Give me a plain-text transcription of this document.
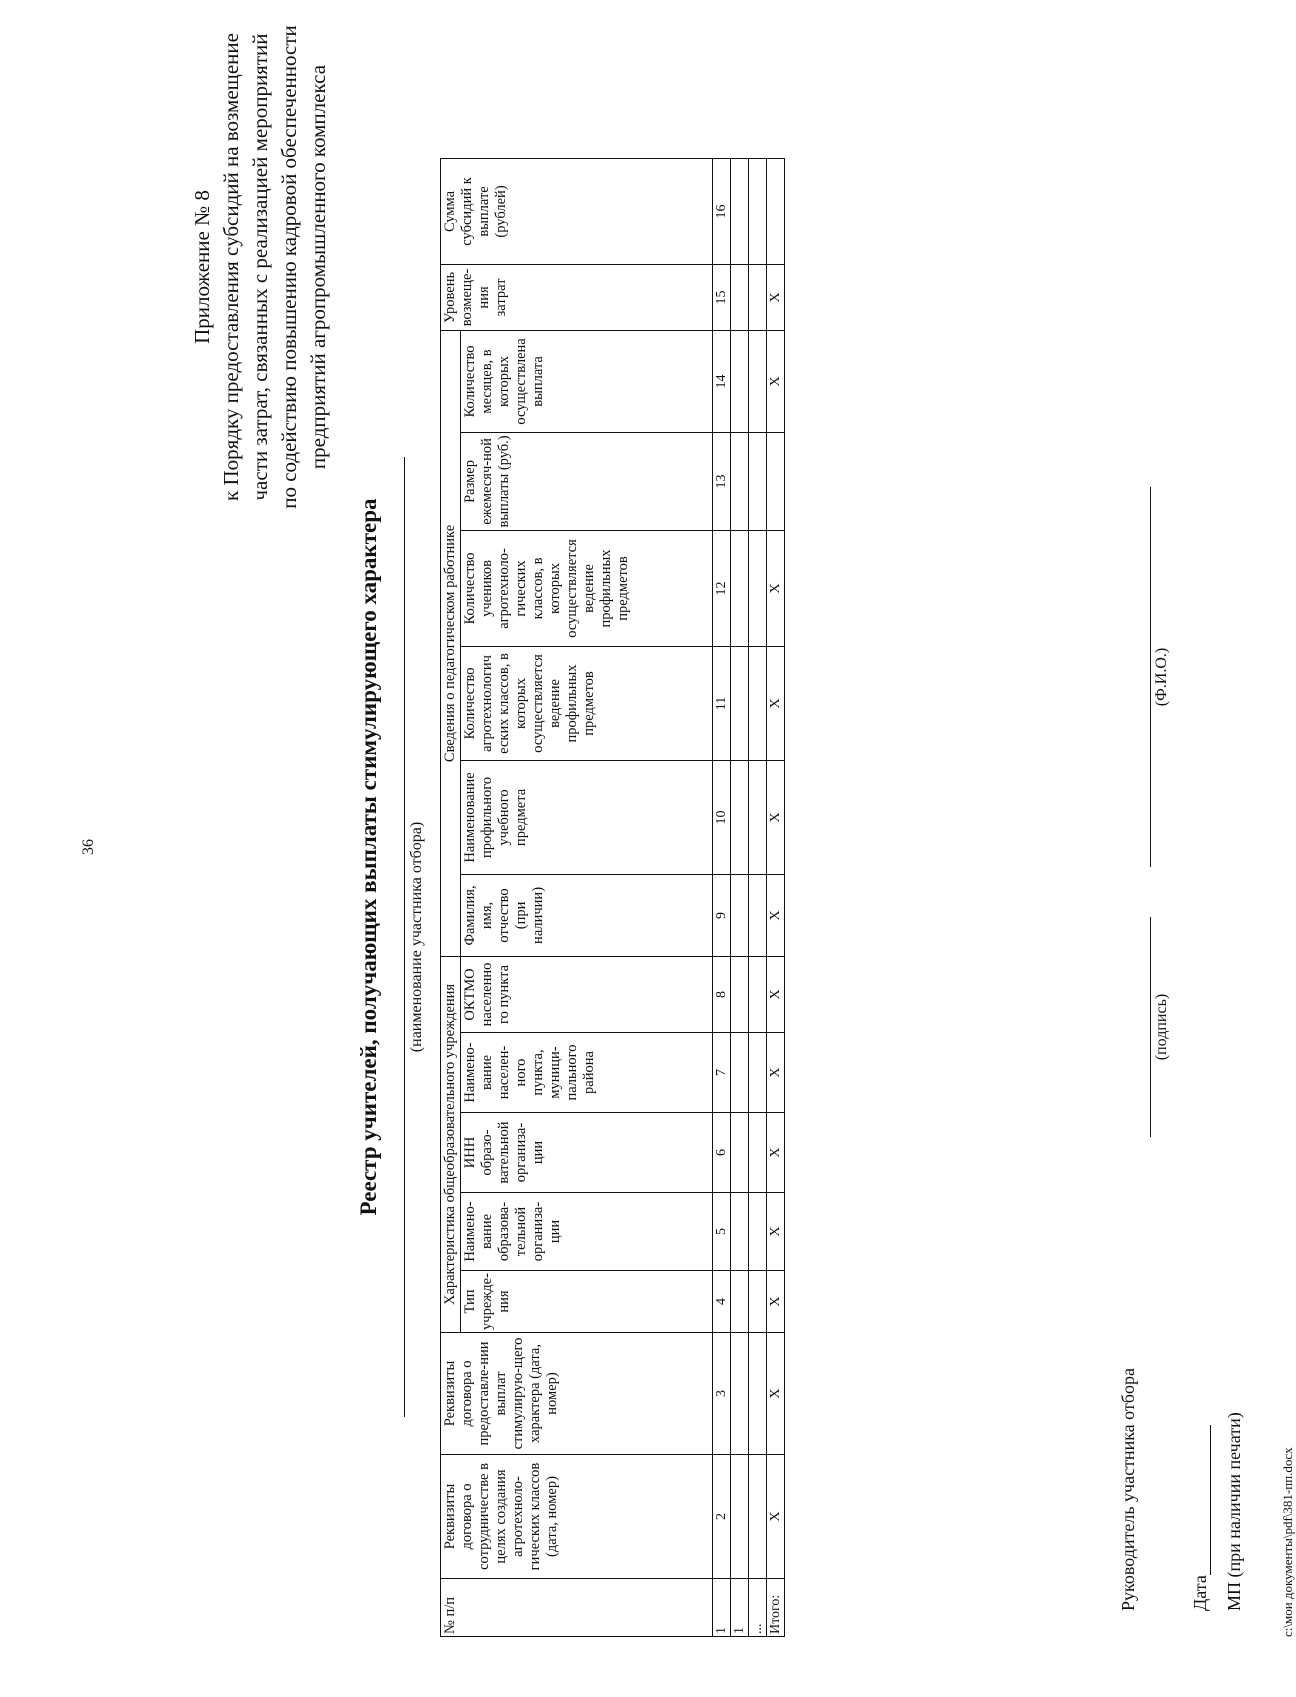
36
Приложение № 8 к Порядку предоставления субсидий на возмещение части затрат, связанных с реализацией мероприятий по содействию повышению кадровой обеспеченности предприятий агропромышленного комплекса
Реестр учителей, получающих выплаты стимулирующего характера (наименование участника отбора)
№ п/п	Реквизиты договора о сотрудничестве в целях создания агротехноло-гических классов (дата, номер)	Реквизиты договора о предоставле-нии выплат стимулирую-щего характера (дата, номер)	Характеристика общеобразовательного учреждения					Сведения о педагогическом работнике						Уровень возмеще-ния затрат	Сумма субсидий к выплате (рублей)
			Тип учрежде-ния	Наимено-вание образова-тельной организа-ции	ИНН образо-вательной организа-ции	Наимено-вание населен-ного пункта, муници-пального района	ОКТМО населенно го пункта	Фамилия, имя, отчество (при наличии)	Наименование профильного учебного предмета	Количество агротехнологич еских классов, в которых осуществляется ведение профильных предметов	Количество учеников агротехноло-гических классов, в которых осуществляется ведение профильных предметов	Размер ежемесяч-ной выплаты (руб.)	Количество месяцев, в которых осуществлена выплата		
1	2	3	4	5	6	7	8	9	10	11	12	13	14	15	16
1															
...															
Итого:	Х	Х	Х	Х	Х	Х	Х	Х	Х	Х	Х		Х	Х	
Руководитель участника отбора
(подпись)
(Ф.И.О.)
Дата МП (при наличии печати)	c:\мои документы\pdf\381-пп.docx
